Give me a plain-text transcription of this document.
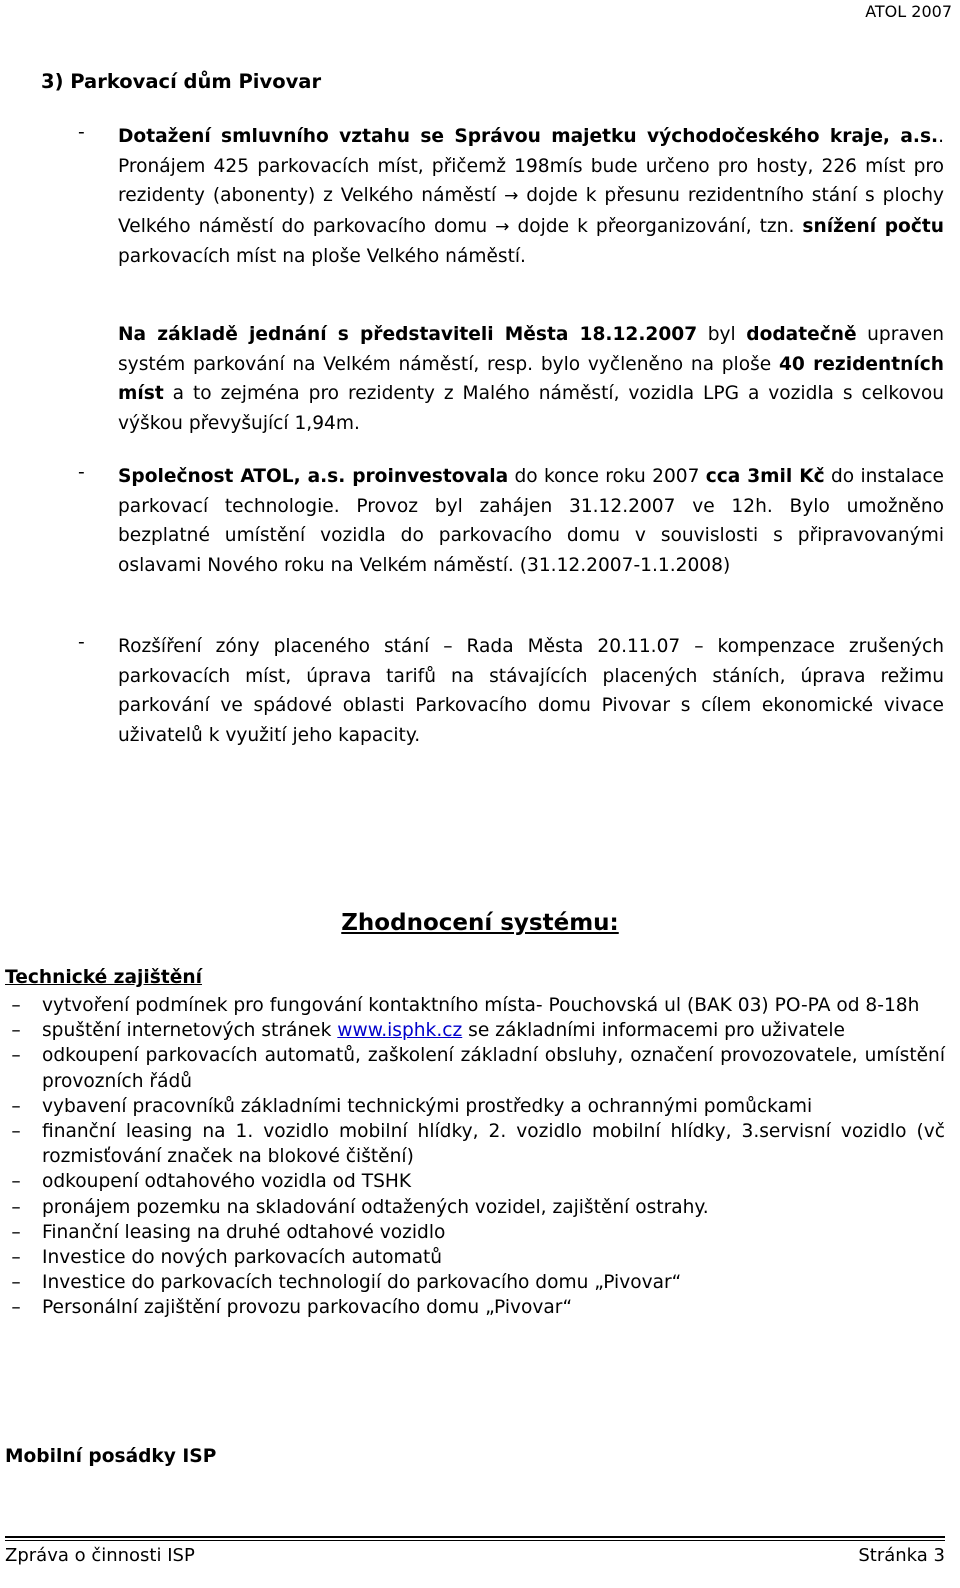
ATOL 2007
3) Parkovací dům Pivovar
- Dotažení smluvního vztahu se Správou majetku východočeského kraje, a.s.. Pronájem 425 parkovacích míst, přičemž 198mís bude určeno pro hosty, 226 míst pro rezidenty (abonenty) z Velkého náměstí → dojde k přesunu rezidentního stání s plochy Velkého náměstí do parkovacího domu → dojde k přeorganizování, tzn. snížení počtu parkovacích míst na ploše Velkého náměstí.
Na základě jednání s představiteli Města 18.12.2007 byl dodatečně upraven systém parkování na Velkém náměstí, resp. bylo vyčleněno na ploše 40 rezidentních míst a to zejména pro rezidenty z Malého náměstí, vozidla LPG a vozidla s celkovou výškou převyšující 1,94m.
- Společnost ATOL, a.s. proinvestovala do konce roku 2007 cca 3mil Kč do instalace parkovací technologie. Provoz byl zahájen 31.12.2007 ve 12h. Bylo umožněno bezplatné umístění vozidla do parkovacího domu v souvislosti s připravovanými oslavami Nového roku na Velkém náměstí. (31.12.2007-1.1.2008)
- Rozšíření zóny placeného stání – Rada Města 20.11.07 – kompenzace zrušených parkovacích míst, úprava tarifů na stávajících placených stáních, úprava režimu parkování ve spádové oblasti Parkovacího domu Pivovar s cílem ekonomické vivace uživatelů k využití jeho kapacity.
Zhodnocení systému:
Technické zajištění
–	vytvoření podmínek pro fungování kontaktního místa- Pouchovská ul (BAK 03) PO-PA od 8-18h
–	spuštění internetových stránek www.isphk.cz se základními informacemi pro uživatele
–	odkoupení parkovacích automatů, zaškolení základní obsluhy, označení provozovatele, umístění provozních řádů
–	vybavení pracovníků základními technickými prostředky a ochrannými pomůckami
–	finanční leasing na 1. vozidlo mobilní hlídky, 2. vozidlo mobilní hlídky, 3.servisní vozidlo (vč rozmisťování značek na blokové čištění)
–	odkoupení odtahového vozidla od TSHK
–	pronájem pozemku na skladování odtažených vozidel, zajištění ostrahy.
–	Finanční leasing na druhé odtahové vozidlo
–	Investice do nových parkovacích automatů
–	Investice do parkovacích technologií do parkovacího domu „Pivovar“
–	Personální zajištění provozu parkovacího domu „Pivovar“
Mobilní posádky ISP
Zpráva o činnosti ISP	Stránka 3
